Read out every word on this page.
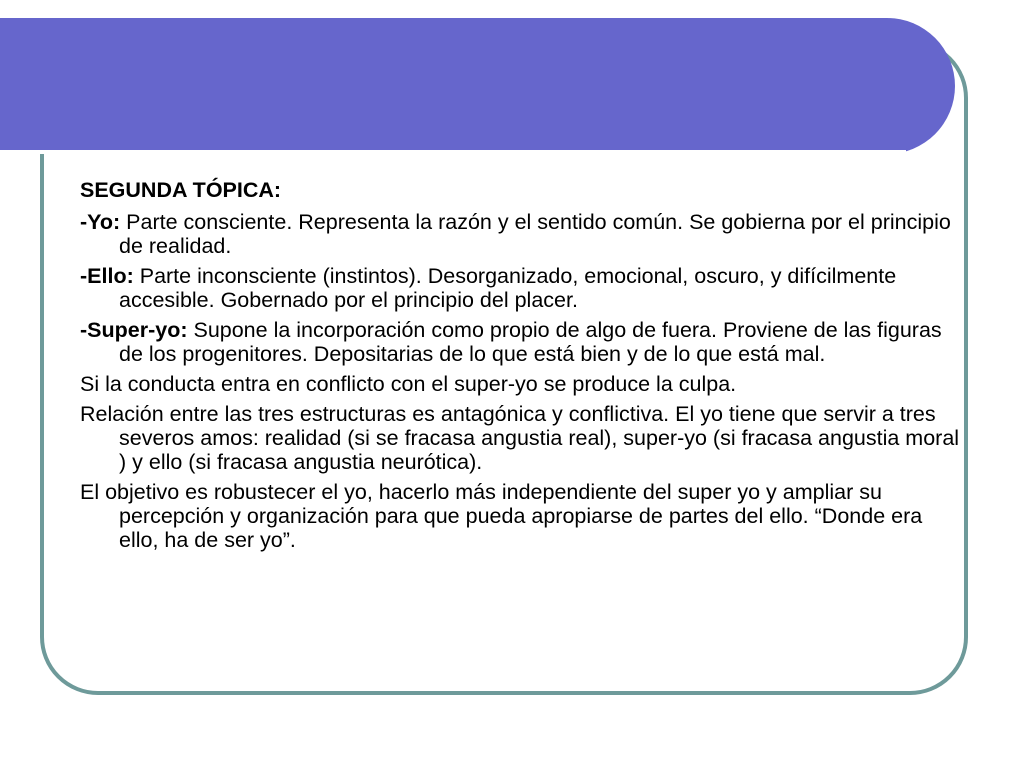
SEGUNDA TÓPICA:

-Yo: Parte consciente. Representa la razón y el sentido común. Se gobierna por el principio de realidad.

-Ello: Parte inconsciente (instintos). Desorganizado, emocional, oscuro, y difícilmente accesible. Gobernado por el principio del placer.

-Super-yo: Supone la incorporación como propio de algo de fuera. Proviene de las figuras de los progenitores. Depositarias de lo que está bien y de lo que está mal.

Si la conducta entra en conflicto con el super-yo se produce la culpa.

Relación entre las tres estructuras es antagónica y conflictiva. El yo tiene que servir a tres severos amos: realidad (si se fracasa angustia real), super-yo (si fracasa angustia moral ) y ello (si fracasa angustia neurótica).

El objetivo es robustecer el yo, hacerlo más independiente del super yo y ampliar su percepción y organización para que pueda apropiarse de partes del ello. “Donde era ello, ha de ser yo”.
